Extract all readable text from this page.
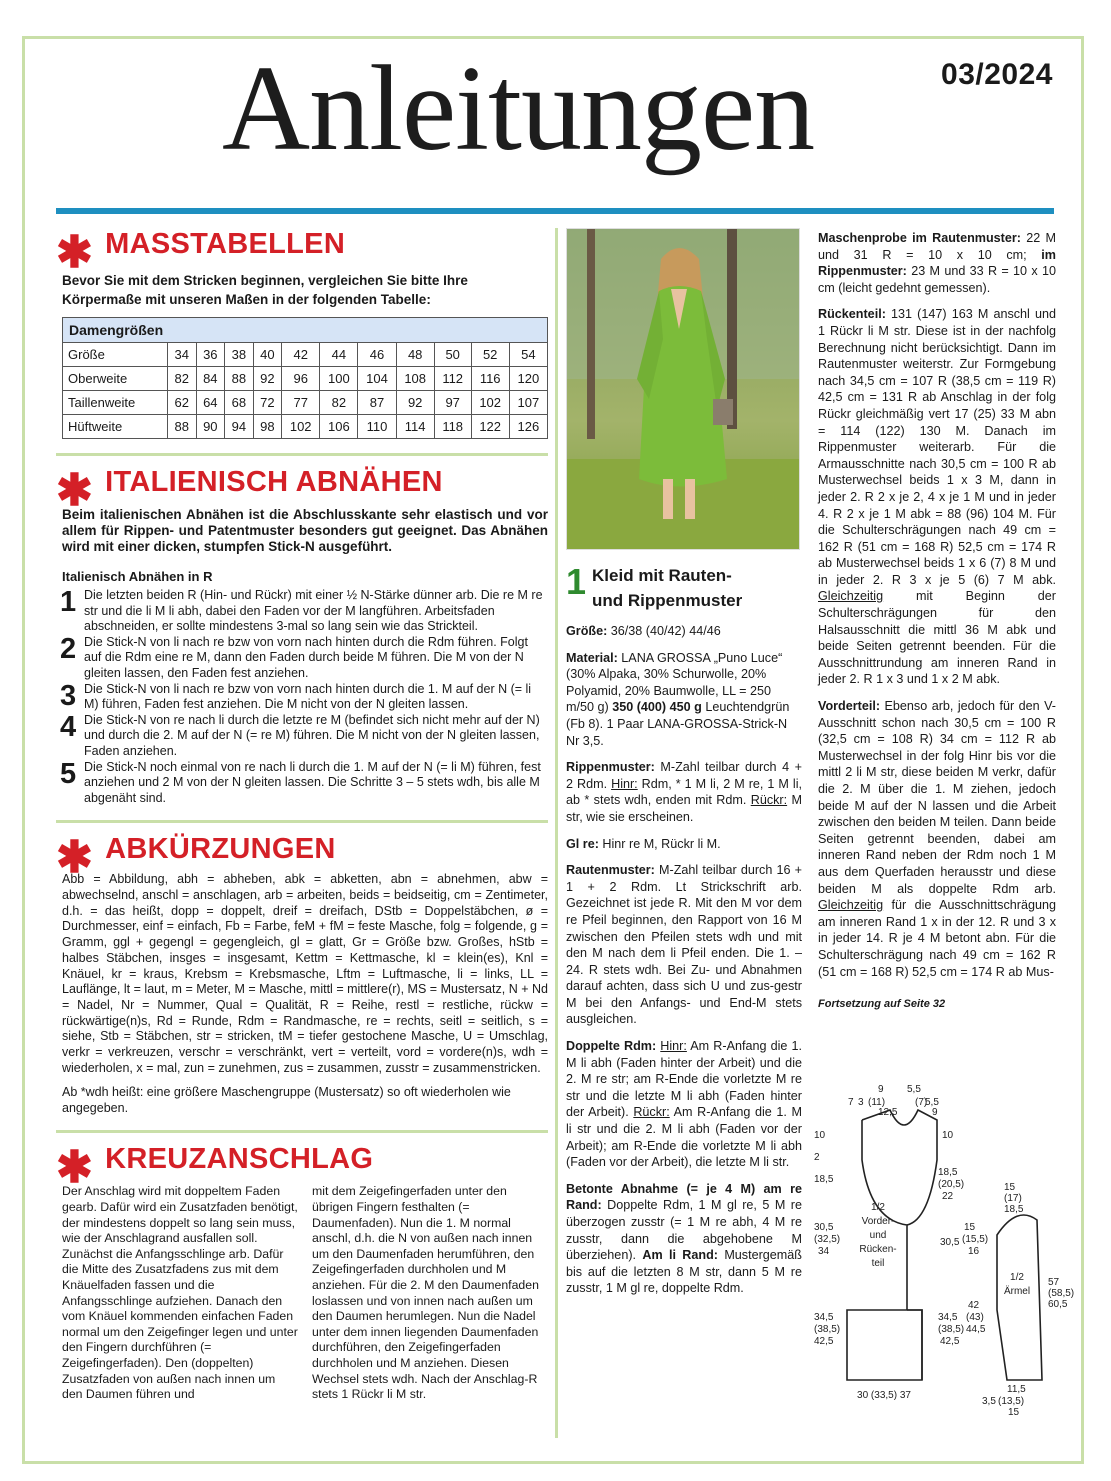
Anleitungen	03/2024
✱ MASSTABELLEN
Bevor Sie mit dem Stricken beginnen, vergleichen Sie bitte Ihre Körpermaße mit unseren Maßen in der folgenden Tabelle:
Damengrößen											
Größe	34	36	38	40	42	44	46	48	50	52	54
Oberweite	82	84	88	92	96	100	104	108	112	116	120
Taillenweite	62	64	68	72	77	82	87	92	97	102	107
Hüftweite	88	90	94	98	102	106	110	114	118	122	126
✱ ITALIENISCH ABNÄHEN
Beim italienischen Abnähen ist die Abschlusskante sehr elastisch und vor allem für Rippen- und Patentmuster besonders gut geeignet. Das Abnähen wird mit einer dicken, stumpfen Stick-N ausgeführt.
Italienisch Abnähen in R
1 Die letzten beiden R (Hin- und Rückr) mit einer ½ N-Stärke dünner arb. Die re M re str und die li M li abh, dabei den Faden vor der M langführen. Arbeitsfaden abschneiden, er sollte mindestens 3-mal so lang sein wie das Strickteil.
2 Die Stick-N von li nach re bzw von vorn nach hinten durch die Rdm führen. Folgt auf die Rdm eine re M, dann den Faden durch beide M führen. Die M von der N gleiten lassen, den Faden fest anziehen.
3 Die Stick-N von li nach re bzw von vorn nach hinten durch die 1. M auf der N (= li M) führen, Faden fest anziehen. Die M nicht von der N gleiten lassen.
4 Die Stick-N von re nach li durch die letzte re M (befindet sich nicht mehr auf der N) und durch die 2. M auf der N (= re M) führen. Die M nicht von der N gleiten lassen, Faden anziehen.
5 Die Stick-N noch einmal von re nach li durch die 1. M auf der N (= li M) führen, fest anziehen und 2 M von der N gleiten lassen. Die Schritte 3 – 5 stets wdh, bis alle M abgenäht sind.
✱ ABKÜRZUNGEN
Abb = Abbildung, abh = abheben, abk = abketten, abn = abnehmen, abw = abwechselnd, anschl = anschlagen, arb = arbeiten, beids = beidseitig, cm = Zentimeter, d.h. = das heißt, dopp = doppelt, dreif = dreifach, DStb = Doppelstäbchen, ø = Durchmesser, einf = einfach, Fb = Farbe, feM + fM = feste Masche, folg = folgende, g = Gramm, ggl + gegengl = gegengleich, gl = glatt, Gr = Größe bzw. Großes, hStb = halbes Stäbchen, insges = insgesamt, Kettm = Kettmasche, kl = klein(es), Knl = Knäuel, kr = kraus, Krebsm = Krebsmasche, Lftm = Luftmasche, li = links, LL = Lauflänge, lt = laut, m = Meter, M = Masche, mittl = mittlere(r), MS = Mustersatz, N + Nd = Nadel, Nr = Nummer, Qual = Qualität, R = Reihe, restl = restliche, rückw = rückwärtige(n)s, Rd = Runde, Rdm = Randmasche, re = rechts, seitl = seitlich, s = siehe, Stb = Stäbchen, str = stricken, tM = tiefer gestochene Masche, U = Umschlag, verkr = verkreuzen, verschr = verschränkt, vert = verteilt, vord = vordere(n)s, wdh = wiederholen, x = mal, zun = zunehmen, zus = zusammen, zusstr = zusammenstricken.
Ab *wdh heißt: eine größere Maschengruppe (Mustersatz) so oft wiederholen wie angegeben.
✱ KREUZANSCHLAG
Der Anschlag wird mit doppeltem Faden gearb. Dafür wird ein Zusatzfaden benötigt, der mindestens doppelt so lang sein muss, wie der Anschlagrand ausfallen soll. Zunächst die Anfangsschlinge arb. Dafür die Mitte des Zusatzfadens zus mit dem Knäuelfaden fassen und die Anfangsschlinge aufziehen. Danach den vom Knäuel kommenden einfachen Faden normal um den Zeigefinger legen und unter den Fingern durchführen (= Zeigefingerfaden). Den (doppelten) Zusatzfaden von außen nach innen um den Daumen führen und
mit dem Zeigefingerfaden unter den übrigen Fingern festhalten (= Daumenfaden). Nun die 1. M normal anschl, d.h. die N von außen nach innen um den Daumenfaden herumführen, den Zeigefingerfaden durchholen und M anziehen. Für die 2. M den Daumenfaden loslassen und von innen nach außen um den Daumen herumlegen. Nun die Nadel unter dem innen liegenden Daumenfaden durchführen, den Zeigefingerfaden durchholen und M anziehen. Diesen Wechsel stets wdh. Nach der Anschlag-R stets 1 Rückr li M str.
1 Kleid mit Rauten-
und Rippenmuster
Größe: 36/38 (40/42) 44/46
Material: LANA GROSSA „Puno Luce“ (30% Alpaka, 30% Schurwolle, 20% Polyamid, 20% Baumwolle, LL = 250 m/50 g) 350 (400) 450 g Leuchtendgrün (Fb 8). 1 Paar LANA-GROSSA-Strick-N Nr 3,5.
Rippenmuster: M-Zahl teilbar durch 4 + 2 Rdm. Hinr: Rdm, * 1 M li, 2 M re, 1 M li, ab * stets wdh, enden mit Rdm. Rückr: M str, wie sie erscheinen.
Gl re: Hinr re M, Rückr li M.
Rautenmuster: M-Zahl teilbar durch 16 + 1 + 2 Rdm. Lt Strickschrift arb. Gezeichnet ist jede R. Mit den M vor dem re Pfeil beginnen, den Rapport von 16 M zwischen den Pfeilen stets wdh und mit den M nach dem li Pfeil enden. Die 1. – 24. R stets wdh. Bei Zu- und Abnahmen darauf achten, dass sich U und zus-gestr M bei den Anfangs- und End-M stets ausgleichen.
Doppelte Rdm: Hinr: Am R-Anfang die 1. M li abh (Faden hinter der Arbeit) und die 2. M re str; am R-Ende die vorletzte M re str und die letzte M li abh (Faden hinter der Arbeit). Rückr: Am R-Anfang die 1. M li str und die 2. M li abh (Faden vor der Arbeit); am R-Ende die vorletzte M li abh (Faden vor der Arbeit), die letzte M li str.
Betonte Abnahme (= je 4 M) am re Rand: Doppelte Rdm, 1 M gl re, 5 M re überzogen zusstr (= 1 M re abh, 4 M re zusstr, dann die abgehobene M überziehen). Am li Rand: Mustergemäß bis auf die letzten 8 M str, dann 5 M re zusstr, 1 M gl re, doppelte Rdm.
Maschenprobe im Rautenmuster: 22 M und 31 R = 10 x 10 cm; im Rippenmuster: 23 M und 33 R = 10 x 10 cm (leicht gedehnt gemessen).
Rückenteil: 131 (147) 163 M anschl und 1 Rückr li M str. Diese ist in der nachfolg Berechnung nicht berücksichtigt. Dann im Rautenmuster weiterstr. Zur Formgebung nach 34,5 cm = 107 R (38,5 cm = 119 R) 42,5 cm = 131 R ab Anschlag in der folg Rückr gleichmäßig vert 17 (25) 33 M abn = 114 (122) 130 M. Danach im Rippenmuster weiterarb. Für die Armausschnitte nach 30,5 cm = 100 R ab Musterwechsel beids 1 x 3 M, dann in jeder 2. R 2 x je 2, 4 x je 1 M und in jeder 4. R 2 x je 1 M abk = 88 (96) 104 M. Für die Schulterschrägungen nach 49 cm = 162 R (51 cm = 168 R) 52,5 cm = 174 R ab Musterwechsel beids 1 x 6 (7) 8 M und in jeder 2. R 3 x je 5 (6) 7 M abk. Gleichzeitig mit Beginn der Schulterschrägungen für den Halsausschnitt die mittl 36 M abk und beide Seiten getrennt beenden. Für die Ausschnittrundung am inneren Rand in jeder 2. R 1 x 3 und 1 x 2 M abk.
Vorderteil: Ebenso arb, jedoch für den V-Ausschnitt schon nach 30,5 cm = 100 R (32,5 cm = 108 R) 34 cm = 112 R ab Musterwechsel in der folg Hinr bis vor die mittl 2 li M str, diese beiden M verkr, dafür die 2. M über die 1. M ziehen, jedoch beide M auf der N lassen und die Arbeit zwischen den beiden M teilen. Dann beide Seiten getrennt beenden, dabei am inneren Rand neben der Rdm noch 1 M aus dem Querfaden herausstr und diese beiden M als doppelte Rdm arb. Gleichzeitig für die Ausschnittschrägung am inneren Rand 1 x in der 12. R und 3 x in jeder 14. R je 4 M betont abn. Für die Schulterschrägung nach 49 cm = 162 R (51 cm = 168 R) 52,5 cm = 174 R ab Mus-
Fortsetzung auf Seite 32
7 3 (11)
9
12,5
5,5
(7)
5,5
9
10
2
18,5
30,5
(32,5)
34
34,5
(38,5)
42,5
10
18,5
(20,5)
22
30,5
34,5
(38,5)
42,5
1/2
Vorder-
und
Rücken-
teil
30 (33,5) 37
1/2
Ärmel
15
(17)
18,5
15
(15,5)
16
42
(43)
44,5
57
(58,5)
60,5
11,5
3,5 (13,5)
15
